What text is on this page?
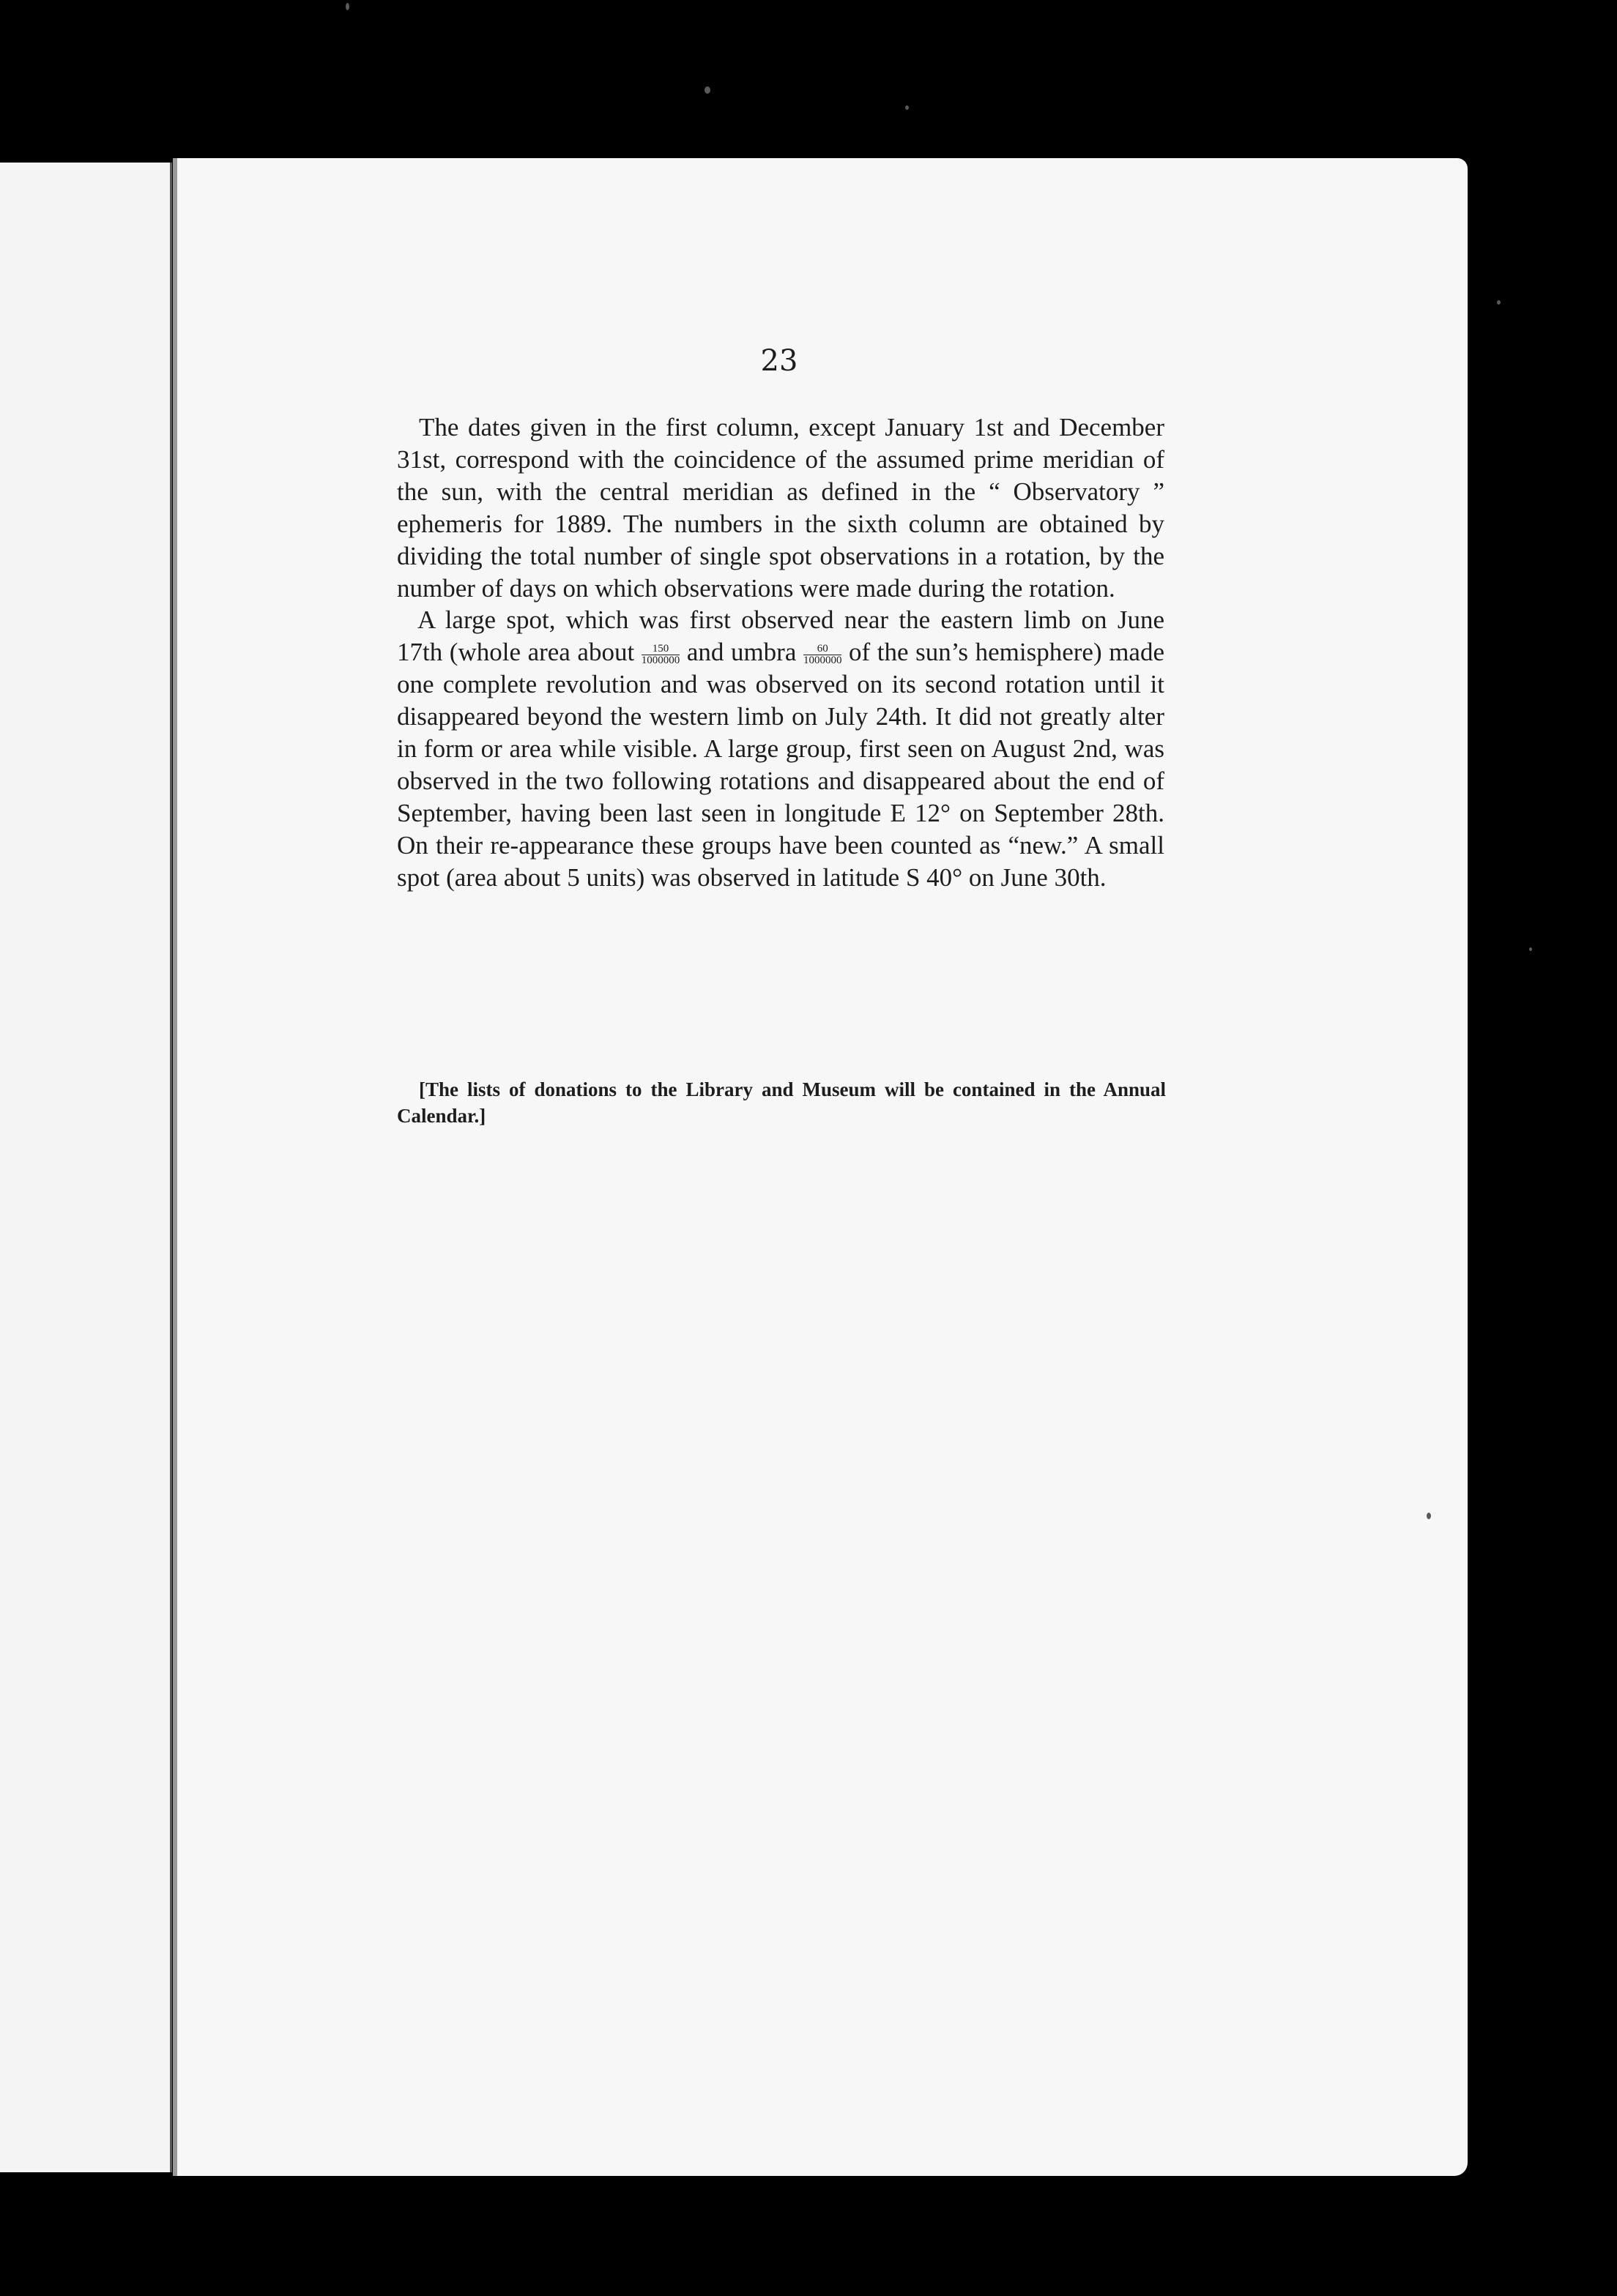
23

The dates given in the first column, except January 1st and December 31st, correspond with the coincidence of the assumed prime meridian of the sun, with the central meridian as defined in the “ Observatory ” ephemeris for 1889. The numbers in the sixth column are obtained by dividing the total number of single spot observations in a rotation, by the number of days on which observations were made during the rotation.

A large spot, which was first observed near the eastern limb on June 17th (whole area about $\frac{150}{1000000}$ and umbra $\frac{60}{1000000}$ of the sun’s hemisphere) made one complete revolution and was observed on its second rotation until it disappeared beyond the western limb on July 24th. It did not greatly alter in form or area while visible. A large group, first seen on August 2nd, was observed in the two following rotations and disappeared about the end of September, having been last seen in longitude E 12° on September 28th. On their re-appearance these groups have been counted as “new.” A small spot (area about 5 units) was observed in latitude S 40° on June 30th.

[The lists of donations to the Library and Museum will be contained in the Annual Calendar.]
